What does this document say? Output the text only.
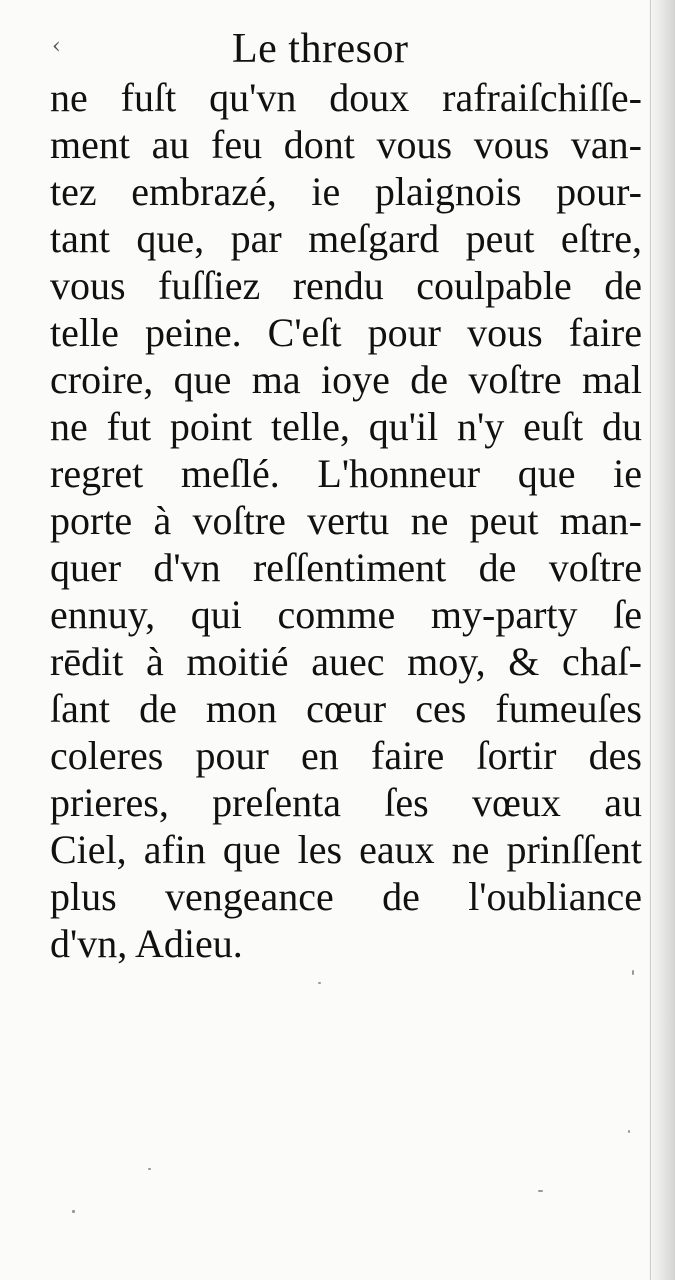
‹	Le thresor
ne fuſt qu'vn doux rafraiſchiſſe-
ment au feu dont vous vous van-
tez embrazé, ie plaignois pour-
tant que, par meſgard peut eſtre,
vous fuſſiez rendu coulpable de
telle peine. C'eſt pour vous faire
croire, que ma ioye de voſtre mal
ne fut point telle, qu'il n'y euſt du
regret meſlé. L'honneur que ie
porte à voſtre vertu ne peut man-
quer d'vn reſſentiment de voſtre
ennuy, qui comme my-party ſe
rēdit à moitié auec moy, & chaſ-
ſant de mon cœur ces fumeuſes
coleres pour en faire ſortir des
prieres, preſenta ſes vœux au
Ciel, afin que les eaux ne prinſſent
plus vengeance de l'oubliance
d'vn, Adieu.
